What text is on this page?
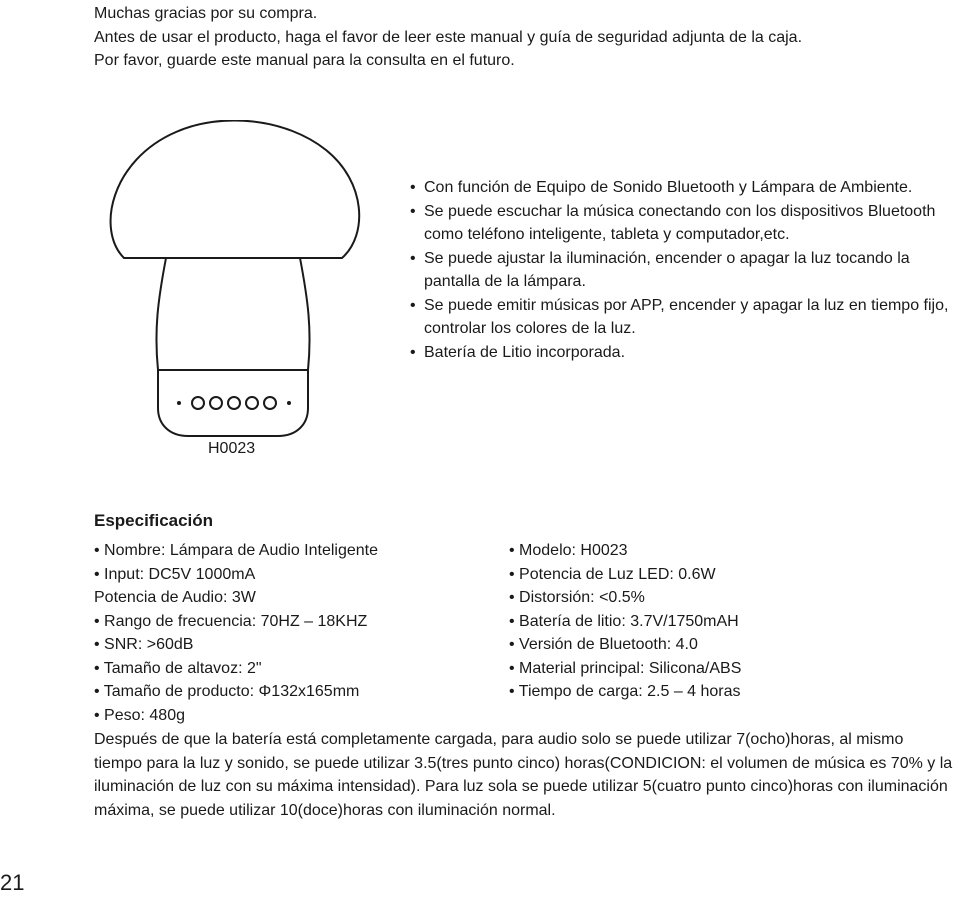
Muchas gracias por su compra.

Antes de usar el producto, haga el favor de leer este manual y guía de seguridad adjunta de la caja.

Por favor, guarde este manual para la consulta en el futuro.

H0023
• Con función de Equipo de Sonido Bluetooth y Lámpara de Ambiente.
• Se puede escuchar la música conectando con los dispositivos Bluetooth como teléfono inteligente, tableta y computador,etc.
• Se puede ajustar la iluminación, encender o apagar la luz tocando la pantalla de la lámpara.
• Se puede emitir músicas por APP, encender y apagar la luz en tiempo fijo, controlar los colores de la luz.
• Batería de Litio incorporada.
Especificación
• Nombre: Lámpara de Audio Inteligente
• Input: DC5V 1000mA
Potencia de Audio: 3W
• Rango de frecuencia: 70HZ – 18KHZ
• SNR: >60dB
• Tamaño de altavoz: 2"
• Tamaño de producto: Φ132x165mm
• Peso: 480g
• Modelo: H0023
• Potencia de Luz LED: 0.6W
• Distorsión: <0.5%
• Batería de litio: 3.7V/1750mAH
• Versión de Bluetooth: 4.0
• Material principal: Silicona/ABS
• Tiempo de carga: 2.5 – 4 horas

Después de que la batería está completamente cargada, para audio solo se puede utilizar 7(ocho)horas, al mismo tiempo para la luz y sonido, se puede utilizar 3.5(tres punto cinco) horas(CONDICION: el volumen de música es 70% y la iluminación de luz con su máxima intensidad). Para luz sola se puede utilizar 5(cuatro punto cinco)horas con iluminación máxima, se puede utilizar 10(doce)horas con iluminación normal.

21
